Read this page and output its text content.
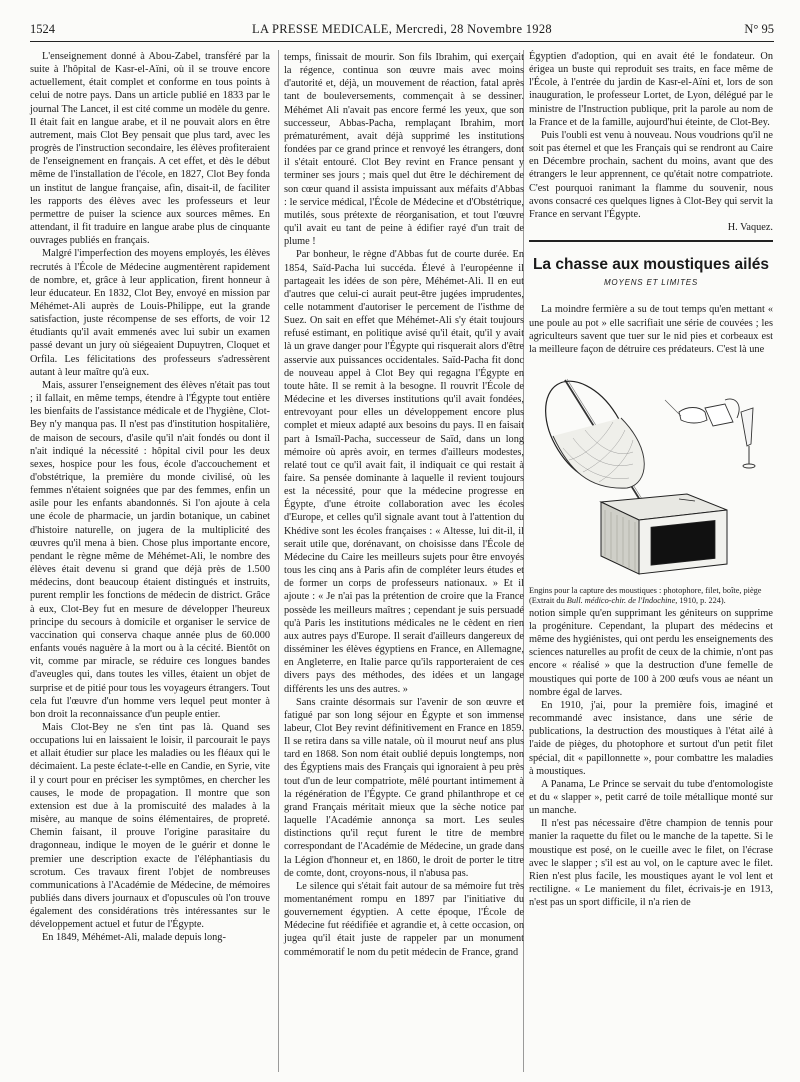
1524	LA PRESSE MEDICALE, Mercredi, 28 Novembre 1928	N° 95

L'enseignement donné à Abou-Zabel, transféré par la suite à l'hôpital de Kasr-el-Aïni, où il se trouve encore actuellement, était complet et conforme en tous points à celui de notre pays. Dans un article publié en 1833 par le journal The Lancet, il est cité comme un modèle du genre. Il était fait en langue arabe, et il ne pouvait alors en être autrement, mais Clot Bey pensait que plus tard, avec les progrès de l'instruction secondaire, les élèves profiteraient de l'enseignement en français. A cet effet, et dès le début même de l'installation de l'école, en 1827, Clot Bey fonda un institut de langue française, afin, disait-il, de faciliter les rapports des élèves avec les professeurs et leur permettre de puiser la science aux sources mêmes. En attendant, il fit traduire en langue arabe plus de cinquante ouvrages publiés en français.

Malgré l'imperfection des moyens employés, les élèves recrutés à l'École de Médecine augmentèrent rapidement de nombre, et, grâce à leur application, firent honneur à leur éducateur. En 1832, Clot Bey, envoyé en mission par Méhémet-Ali auprès de Louis-Philippe, eut la grande satisfaction, juste récompense de ses efforts, de voir 12 étudiants qu'il avait emmenés avec lui subir un examen passé devant un jury où siégeaient Dupuytren, Cloquet et Orfila. Les félicitations des professeurs s'adressèrent autant à leur maître qu'à eux.

Mais, assurer l'enseignement des élèves n'était pas tout ; il fallait, en même temps, étendre à l'Égypte tout entière les bienfaits de l'assistance médicale et de l'hygiène, Clot-Bey n'y manqua pas. Il n'est pas d'institution hospitalière, de maison de secours, d'asile qu'il n'ait fondés ou dont il n'ait indiqué la nécessité : hôpital civil pour les deux sexes, hospice pour les fous, école d'accouchement et d'obstétrique, la première du monde civilisé, où les femmes n'étaient soignées que par des femmes, enfin un asile pour les enfants abandonnés. Si l'on ajoute à cela une école de pharmacie, un jardin botanique, un cabinet d'histoire naturelle, on jugera de la multiplicité des œuvres qu'il mena à bien. Chose plus importante encore, pendant le règne même de Méhémet-Ali, le nombre des élèves était devenu si grand que déjà près de 1.500 médecins, dont beaucoup étaient distingués et instruits, purent remplir les fonctions de médecin de district. Grâce à eux, Clot-Bey fut en mesure de développer l'heureux principe du secours à domicile et organiser le service de vaccination qui conserva chaque année plus de 60.000 enfants voués naguère à la mort ou à la cécité. Bientôt on vit, comme par miracle, se réduire ces longues bandes d'aveugles qui, dans toutes les villes, étaient un objet de surprise et de pitié pour tous les voyageurs étrangers. Tout cela fut l'œuvre d'un homme vers lequel peut monter à bon droit la reconnaissance d'un peuple entier.

Mais Clot-Bey ne s'en tint pas là. Quand ses occupations lui en laissaient le loisir, il parcourait le pays et allait étudier sur place les maladies ou les fléaux qui le décimaient. La peste éclate-t-elle en Candie, en Syrie, vite il y court pour en préciser les symptômes, en chercher les causes, le mode de propagation. Il montre que son extension est due à la promiscuité des malades à la misère, au manque de soins élémentaires, de propreté. Chemin faisant, il prouve l'origine parasitaire du dragonneau, indique le moyen de le guérir et donne le premier une description exacte de l'éléphantiasis du scrotum. Ces travaux firent l'objet de nombreuses communications à l'Académie de Médecine, de mémoires publiés dans divers journaux et d'opuscules où l'on trouve également des considérations très intéressantes sur le développement actuel et futur de l'Égypte.

En 1849, Méhémet-Ali, malade depuis long-

temps, finissait de mourir. Son fils Ibrahim, qui exerçait la régence, continua son œuvre mais avec moins d'autorité et, déjà, un mouvement de réaction, fatal après tant de bouleversements, commençait à se dessiner. Méhémet Ali n'avait pas encore fermé les yeux, que son successeur, Abbas-Pacha, remplaçant Ibrahim, mort prématurément, avait déjà supprimé les institutions fondées par ce grand prince et renvoyé les étrangers, dont il s'était entouré. Clot Bey revint en France pensant y terminer ses jours ; mais quel dut être le déchirement de son cœur quand il assista impuissant aux méfaits d'Abbas : le service médical, l'École de Médecine et d'Obstétrique, mutilés, sous prétexte de réorganisation, et tout l'œuvre qu'il avait eu tant de peine à édifier rayé d'un trait de plume !

Par bonheur, le règne d'Abbas fut de courte durée. En 1854, Saïd-Pacha lui succéda. Élevé à l'européenne il partageait les idées de son père, Méhémet-Ali. Il en eut d'autres que celui-ci aurait peut-être jugées imprudentes, celle notamment d'autoriser le percement de l'isthme de Suez. On sait en effet que Méhémet-Ali s'y était toujours refusé estimant, en politique avisé qu'il était, qu'il y avait là un grave danger pour l'Égypte qui risquerait alors d'être asservie aux puissances occidentales. Saïd-Pacha fit donc de nouveau appel à Clot Bey qui regagna l'Égypte en toute hâte. Il se remit à la besogne. Il rouvrit l'École de Médecine et les diverses institutions qu'il avait fondées, entrevoyant pour elles un développement encore plus complet et mieux adapté aux besoins du pays. Il en faisait part à Ismaïl-Pacha, successeur de Saïd, dans un long mémoire où après avoir, en termes d'ailleurs modestes, relaté tout ce qu'il avait fait, il indiquait ce qui restait à faire. Sa pensée dominante à laquelle il revient toujours est la nécessité, pour que la médecine progresse en Égypte, d'une étroite collaboration avec les écoles d'Europe, et celles qu'il signale avant tout à l'attention du Khédive sont les écoles françaises : « Altesse, lui dit-il, il serait utile que, dorénavant, on choisisse dans l'École de Médecine du Caire les meilleurs sujets pour être envoyés tous les cinq ans à Paris afin de compléter leurs études et de former un corps de professeurs nationaux. » Et il ajoute : « Je n'ai pas la prétention de croire que la France possède les meilleurs maîtres ; cependant je suis persuadé qu'à Paris les institutions médicales ne le cèdent en rien aux autres pays d'Europe. Il serait d'ailleurs dangereux de disséminer les élèves égyptiens en France, en Allemagne, en Angleterre, en Italie parce qu'ils rapporteraient de ces divers pays des méthodes, des idées et un langage différents les uns des autres. »

Sans crainte désormais sur l'avenir de son œuvre et fatigué par son long séjour en Égypte et son immense labeur, Clot Bey revint définitivement en France en 1859. Il se retira dans sa ville natale, où il mourut neuf ans plus tard en 1868. Son nom était oublié depuis longtemps, non des Égyptiens mais des Français qui ignoraient à peu près tout d'un de leur compatriote, mêlé pourtant intimement à la régénération de l'Égypte. Ce grand philanthrope et ce grand Français méritait mieux que la sèche notice par laquelle l'Académie annonça sa mort. Les seules distinctions qu'il reçut furent le titre de membre correspondant de l'Académie de Médecine, un grade dans la Légion d'honneur et, en 1860, le droit de porter le titre de comte, dont, croyons-nous, il n'abusa pas.

Le silence qui s'était fait autour de sa mémoire fut très momentanément rompu en 1897 par l'initiative du gouvernement égyptien. A cette époque, l'École de Médecine fut réédifiée et agrandie et, à cette occasion, on jugea qu'il était juste de rappeler par un monument commémoratif le nom du petit médecin de France, grand

Égyptien d'adoption, qui en avait été le fondateur. On érigea un buste qui reproduit ses traits, en face même de l'École, à l'entrée du jardin de Kasr-el-Aïni et, lors de son inauguration, le professeur Lortet, de Lyon, délégué par le ministre de l'Instruction publique, prit la parole au nom de la France et de la famille, aujourd'hui éteinte, de Clot-Bey.

Puis l'oubli est venu à nouveau. Nous voudrions qu'il ne soit pas éternel et que les Français qui se rendront au Caire en Décembre prochain, sachent du moins, avant que des étrangers le leur apprennent, ce qu'était notre compatriote. C'est pourquoi ranimant la flamme du souvenir, nous avons consacré ces quelques lignes à Clot-Bey qui servit la France en servant l'Égypte.

H. Vaquez.

La chasse aux moustiques ailés
MOYENS ET LIMITES

La moindre fermière a su de tout temps qu'en mettant « une poule au pot » elle sacrifiait une série de couvées ; les agriculteurs savent que tuer sur le nid pies et corbeaux est la meilleure façon de détruire ces prédateurs. C'est là une

Engins pour la capture des moustiques : photophore, filet, boîte, piège (Extrait du Bull. médico-chir. de l'Indochine, 1910, p. 224).

notion simple qu'en supprimant les géniteurs on supprime la progéniture. Cependant, la plupart des médecins et même des hygiénistes, qui ont perdu les enseignements des sciences naturelles au profit de ceux de la chimie, n'ont pas encore « réalisé » que la destruction d'une femelle de moustiques qui porte de 100 à 200 œufs vous ae néant un nombre égal de larves.

En 1910, j'ai, pour la première fois, imaginé et recommandé avec insistance, dans une série de publications, la destruction des moustiques à l'état ailé à l'aide de pièges, du photophore et surtout d'un petit filet spécial, dit « papillonnette », pour combattre les maladies à moustiques.

A Panama, Le Prince se servait du tube d'entomologiste et du « slapper », petit carré de toile métallique monté sur un manche.

Il n'est pas nécessaire d'être champion de tennis pour manier la raquette du filet ou le manche de la tapette. Si le moustique est posé, on le cueille avec le filet, on l'écrase avec le slapper ; s'il est au vol, on le capture avec le filet. Rien n'est plus facile, les moustiques ayant le vol lent et rectiligne. « Le maniement du filet, écrivais-je en 1913, n'est pas un sport difficile, il n'a rien de
